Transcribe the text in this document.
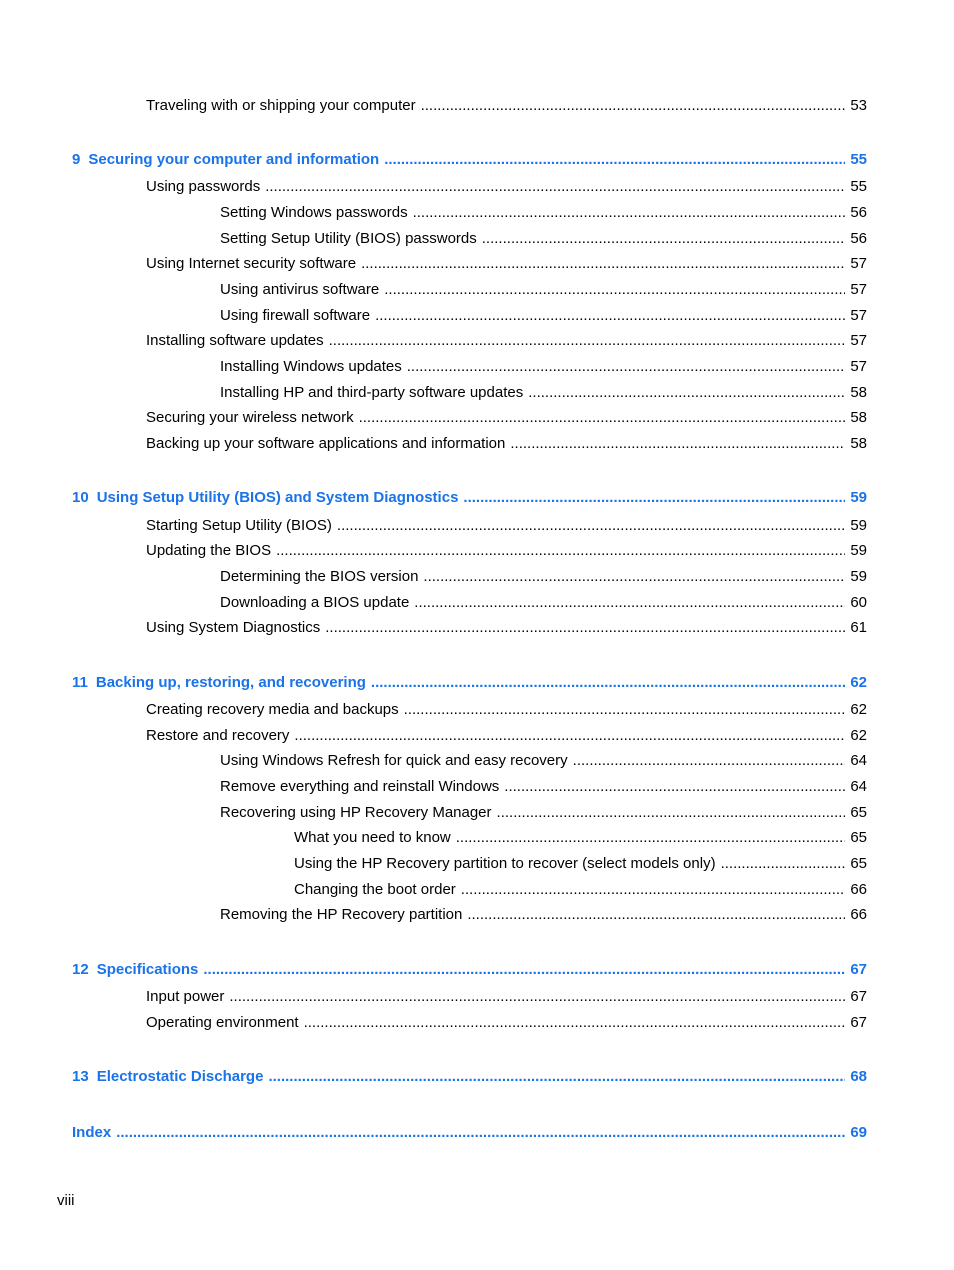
Traveling with or shipping your computer .....	53
9 Securing your computer and information .....	55
Using passwords .....	55
Setting Windows passwords .....	56
Setting Setup Utility (BIOS) passwords .....	56
Using Internet security software .....	57
Using antivirus software .....	57
Using firewall software .....	57
Installing software updates .....	57
Installing Windows updates .....	57
Installing HP and third-party software updates .....	58
Securing your wireless network .....	58
Backing up your software applications and information .....	58
10 Using Setup Utility (BIOS) and System Diagnostics .....	59
Starting Setup Utility (BIOS) .....	59
Updating the BIOS .....	59
Determining the BIOS version .....	59
Downloading a BIOS update .....	60
Using System Diagnostics .....	61
11 Backing up, restoring, and recovering .....	62
Creating recovery media and backups .....	62
Restore and recovery .....	62
Using Windows Refresh for quick and easy recovery .....	64
Remove everything and reinstall Windows .....	64
Recovering using HP Recovery Manager .....	65
What you need to know .....	65
Using the HP Recovery partition to recover (select models only) .....	65
Changing the boot order .....	66
Removing the HP Recovery partition .....	66
12 Specifications .....	67
Input power .....	67
Operating environment .....	67
13 Electrostatic Discharge .....	68
Index .....	69
viii
